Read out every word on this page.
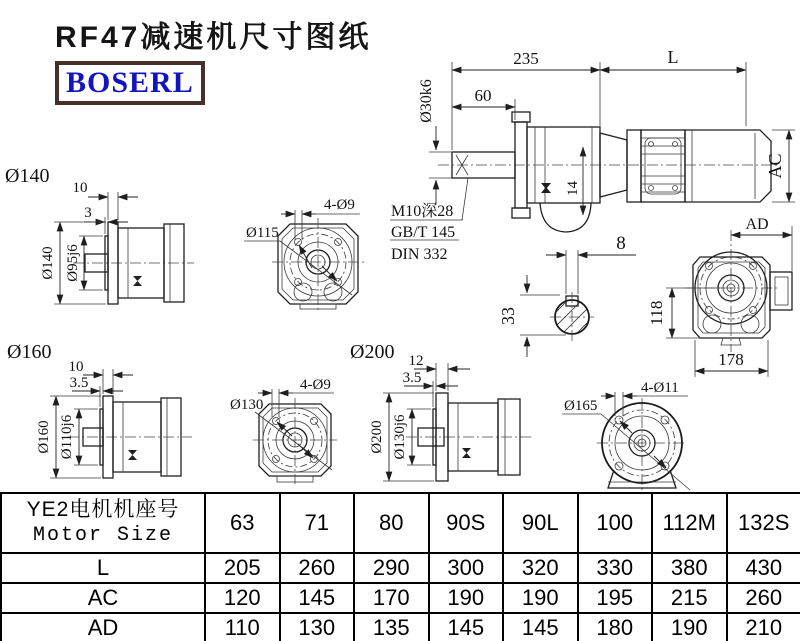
RF47减速机尺寸图纸
BOSERL
235	L
60
Ø30k6
14
AC
AD
M10深28
GB/T 145
DIN 332
8
33	118
178
Ø140
10
3
Ø140 Ø95j6
4-Ø9
Ø115
Ø160
10
3.5
Ø160 Ø110j6
4-Ø9
Ø130
Ø200 12
3.5
Ø200 Ø130j6
4-Ø11
Ø165
YE2电机机座号
Motor Size	63	71	80	90S	90L	100	112M	132S
L	205	260	290	300	320	330	380	430
AC	120	145	170	190	190	195	215	260
AD	110	130	135	145	145	180	190	210
